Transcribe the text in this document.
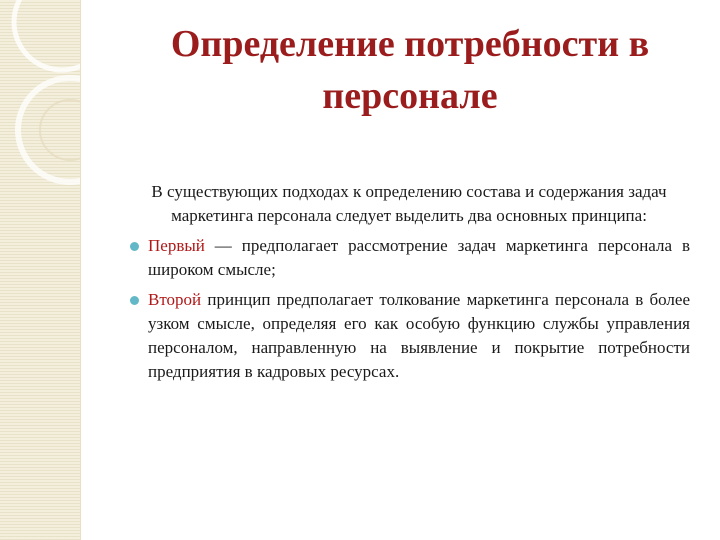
Определение потребности в персонале

В существующих подходах к определению состава и содержания задач маркетинга персонала следует выделить два основных принципа:

Первый — предполагает рассмотрение задач маркетинга персонала в широком смысле;
Второй принцип предполагает толкование маркетинга персонала в более узком смысле, определяя его как особую функцию службы управления персоналом, направленную на выявление и покрытие потребности предприятия в кадровых ресурсах.
